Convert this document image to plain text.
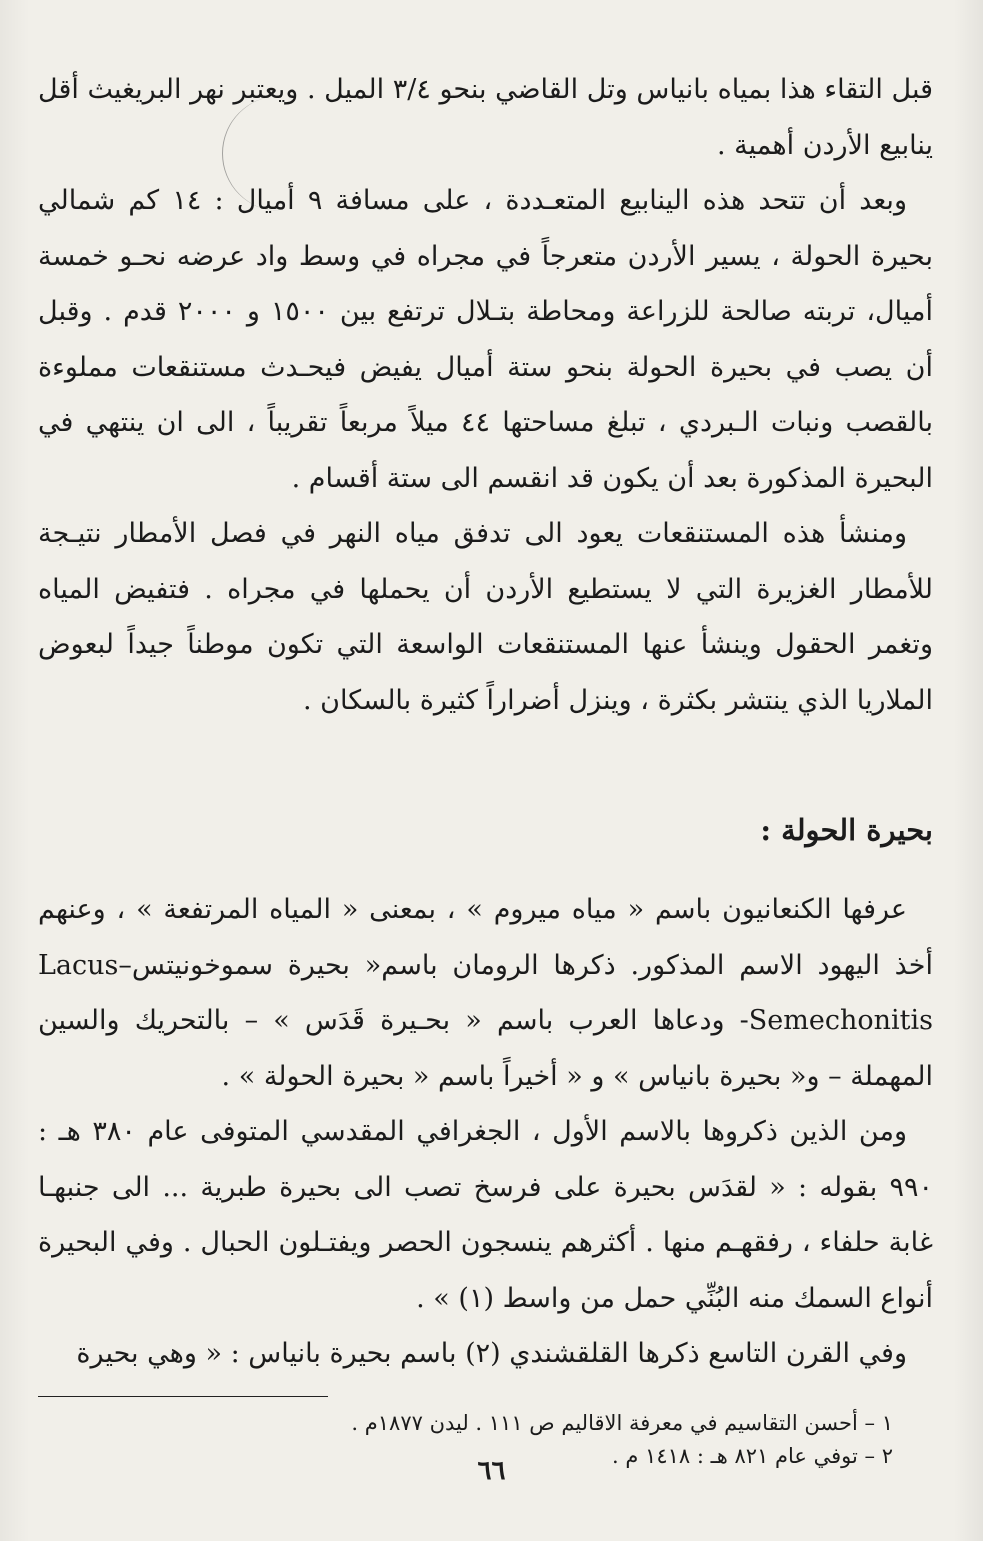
قبل التقاء هذا بمياه بانياس وتل القاضي بنحو ٣/٤ الميل . ويعتبر نهر البريغيث أقل ينابيع الأردن أهمية .

وبعد أن تتحد هذه الينابيع المتعـددة ، على مسافة ٩ أميال : ١٤ كم شمالي بحيرة الحولة ، يسير الأردن متعرجاً في مجراه في وسط واد عرضه نحـو خمسة أميال، تربته صالحة للزراعة ومحاطة بتـلال ترتفع بين ١٥٠٠ و ٢٠٠٠ قدم . وقبل أن يصب في بحيرة الحولة بنحو ستة أميال يفيض فيحـدث مستنقعات مملوءة بالقصب ونبات الـبردي ، تبلغ مساحتها ٤٤ ميلاً مربعاً تقريباً ، الى ان ينتهي في البحيرة المذكورة بعد أن يكون قد انقسم الى ستة أقسام .

ومنشأ هذه المستنقعات يعود الى تدفق مياه النهر في فصل الأمطار نتيـجة للأمطار الغزيرة التي لا يستطيع الأردن أن يحملها في مجراه . فتفيض المياه وتغمر الحقول وينشأ عنها المستنقعات الواسعة التي تكون موطناً جيداً لبعوض الملاريا الذي ينتشر بكثرة ، وينزل أضراراً كثيرة بالسكان .

بحيرة الحولة :

عرفها الكنعانيون باسم « مياه ميروم » ، بمعنى « المياه المرتفعة » ، وعنهم أخذ اليهود الاسم المذكور. ذكرها الرومان باسم« بحيرة سموخونيتس–Lacus Semechonitis- ودعاها العرب باسم « بحـيرة قَدَس » – بالتحريك والسين المهملة – و« بحيرة بانياس » و « أخيراً باسم « بحيرة الحولة » .

ومن الذين ذكروها بالاسم الأول ، الجغرافي المقدسي المتوفى عام ٣٨٠ هـ : ٩٩٠ بقوله : « لقدَس بحيرة على فرسخ تصب الى بحيرة طبرية ... الى جنبهـا غابة حلفاء ، رفقهـم منها . أكثرهم ينسجون الحصر ويفتـلون الحبال . وفي البحيرة أنواع السمك منه البُنِّي حمل من واسط (١) » .

وفي القرن التاسع ذكرها القلقشندي (٢) باسم بحيرة بانياس : « وهي بحيرة

١ – أحسن التقاسيم في معرفة الاقاليم ص ١١١ . ليدن ١٨٧٧م .

٢ – توفي عام ٨٢١ هـ : ١٤١٨ م .

٦٦
